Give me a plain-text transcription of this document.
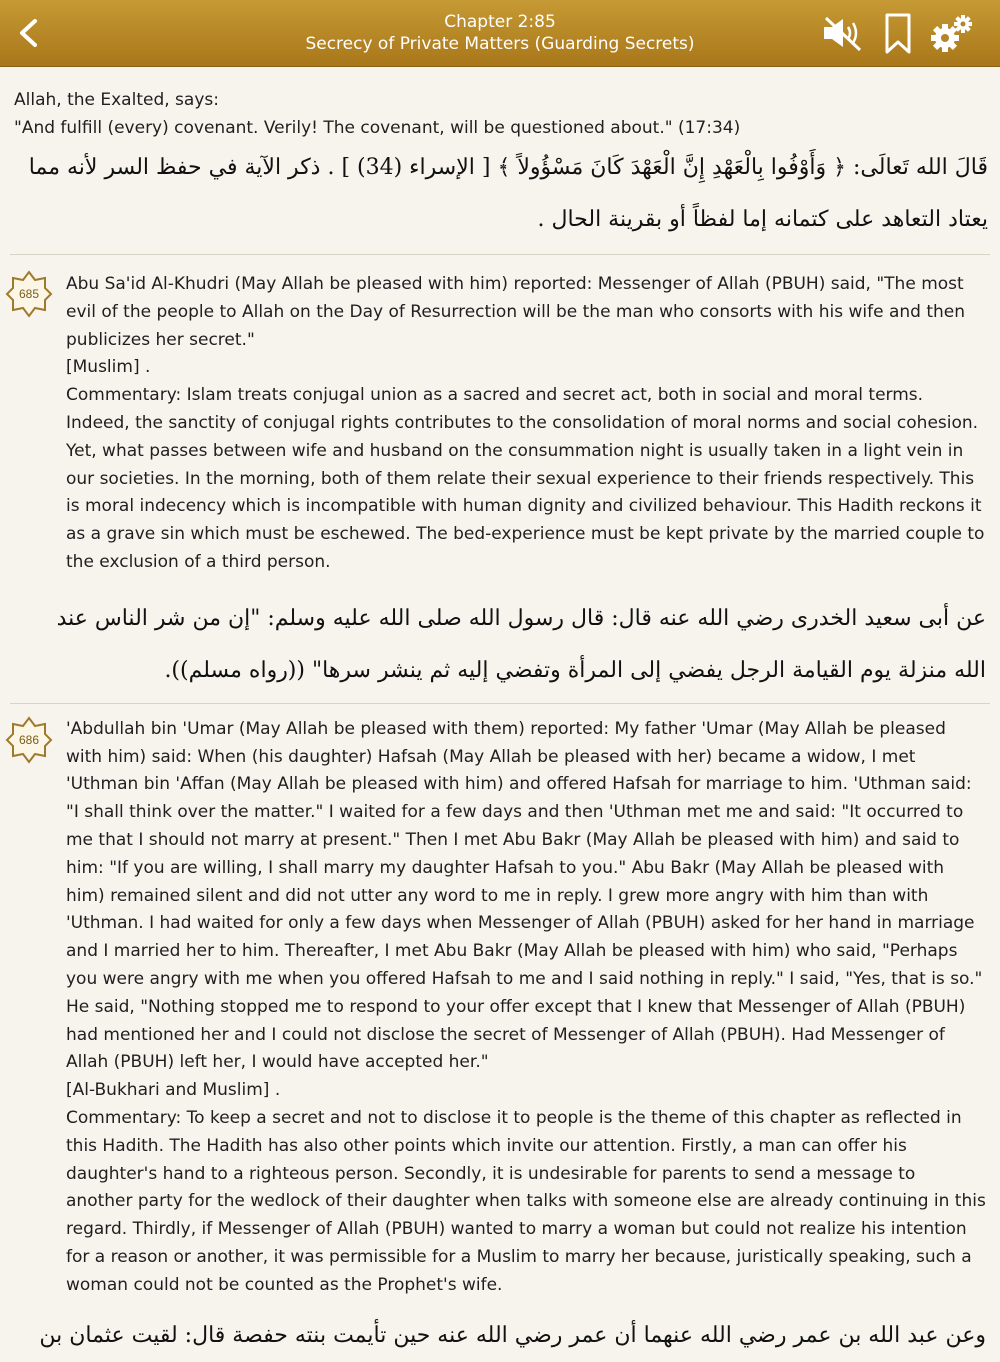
Chapter 2:85
Secrecy of Private Matters (Guarding Secrets)
Allah, the Exalted, says:
"And fulfill (every) covenant. Verily! The covenant, will be questioned about." (17:34)
قَالَ الله تَعالَى: ﴿ وَأَوْفُوا بِالْعَهْدِ إِنَّ الْعَهْدَ كَانَ مَسْؤُولاً ﴾ [ الإسراء (34) ] . ذكر الآية في حفظ السر لأنه مما يعتاد التعاهد على كتمانه إما لفظاً أو بقرينة الحال .
685	Abu Sa'id Al-Khudri (May Allah be pleased with him) reported: Messenger of Allah (PBUH) said, "The most evil of the people to Allah on the Day of Resurrection will be the man who consorts with his wife and then publicizes her secret."
[Muslim] .
Commentary: Islam treats conjugal union as a sacred and secret act, both in social and moral terms. Indeed, the sanctity of conjugal rights contributes to the consolidation of moral norms and social cohesion. Yet, what passes between wife and husband on the consummation night is usually taken in a light vein in our societies. In the morning, both of them relate their sexual experience to their friends respectively. This is moral indecency which is incompatible with human dignity and civilized behaviour. This Hadith reckons it as a grave sin which must be eschewed. The bed-experience must be kept private by the married couple to the exclusion of a third person.
عن أبى سعيد الخدرى رضي الله عنه قال: قال رسول الله صلى الله عليه وسلم: "إن من شر الناس عند الله منزلة يوم القيامة الرجل يفضي إلى المرأة وتفضي إليه ثم ينشر سرها" ((رواه مسلم)).
686
'Abdullah bin 'Umar (May Allah be pleased with them) reported: My father 'Umar (May Allah be pleased with him) said: When (his daughter) Hafsah (May Allah be pleased with her) became a widow, I met 'Uthman bin 'Affan (May Allah be pleased with him) and offered Hafsah for marriage to him. 'Uthman said: "I shall think over the matter." I waited for a few days and then 'Uthman met me and said: "It occurred to me that I should not marry at present." Then I met Abu Bakr (May Allah be pleased with him) and said to him: "If you are willing, I shall marry my daughter Hafsah to you." Abu Bakr (May Allah be pleased with him) remained silent and did not utter any word to me in reply. I grew more angry with him than with 'Uthman. I had waited for only a few days when Messenger of Allah (PBUH) asked for her hand in marriage and I married her to him. Thereafter, I met Abu Bakr (May Allah be pleased with him) who said, "Perhaps you were angry with me when you offered Hafsah to me and I said nothing in reply." I said, "Yes, that is so." He said, "Nothing stopped me to respond to your offer except that I knew that Messenger of Allah (PBUH) had mentioned her and I could not disclose the secret of Messenger of Allah (PBUH). Had Messenger of Allah (PBUH) left her, I would have accepted her."
[Al-Bukhari and Muslim] .
Commentary: To keep a secret and not to disclose it to people is the theme of this chapter as reflected in this Hadith. The Hadith has also other points which invite our attention. Firstly, a man can offer his daughter's hand to a righteous person. Secondly, it is undesirable for parents to send a message to another party for the wedlock of their daughter when talks with someone else are already continuing in this regard. Thirdly, if Messenger of Allah (PBUH) wanted to marry a woman but could not realize his intention for a reason or another, it was permissible for a Muslim to marry her because, juristically speaking, such a woman could not be counted as the Prophet's wife.
وعن عبد الله بن عمر رضي الله عنهما أن عمر رضي الله عنه حين تأيمت بنته حفصة قال: لقيت عثمان بن
